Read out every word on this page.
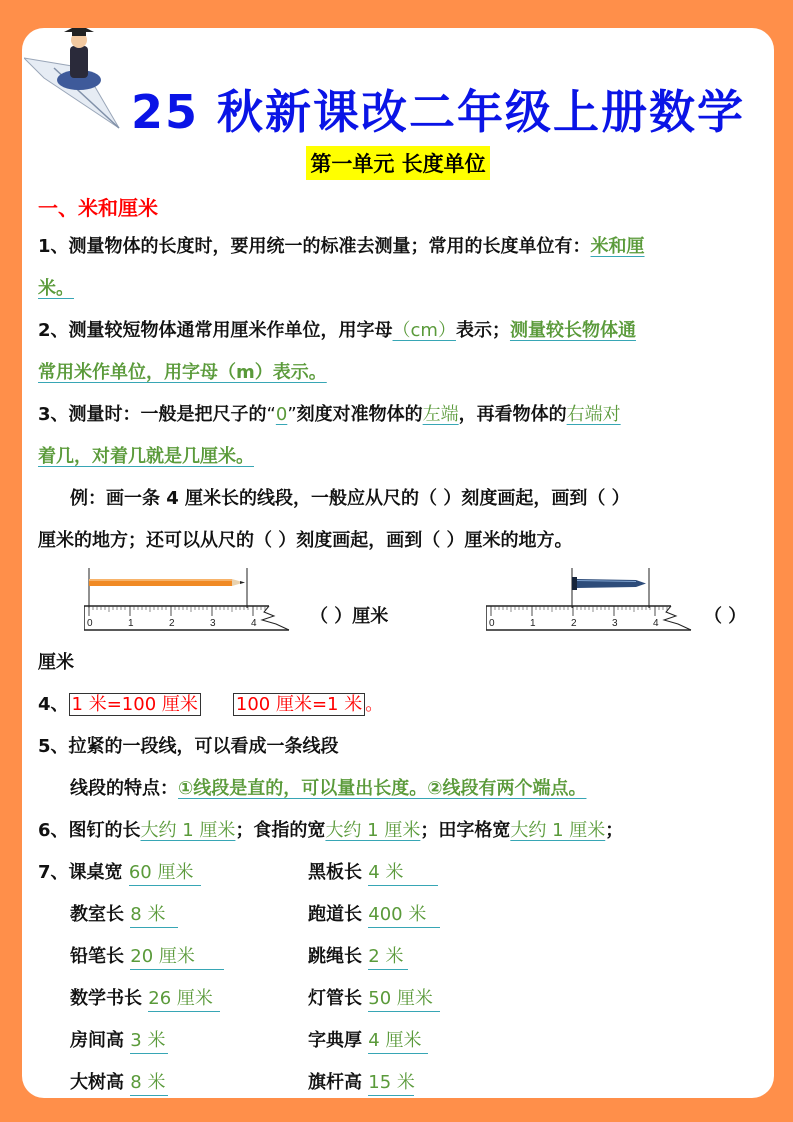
25 秋新课改二年级上册数学
第一单元 长度单位
一、米和厘米
1、测量物体的长度时，要用统一的标准去测量；常用的长度单位有：米和厘
米。
2、测量较短物体通常用厘米作单位，用字母（cm）表示；测量较长物体通
常用米作单位，用字母（m）表示。
3、测量时：一般是把尺子的“0”刻度对准物体的左端，再看物体的右端对
着几，对着几就是几厘米。
例：画一条 4 厘米长的线段，一般应从尺的（ ）刻度画起，画到（ ）
厘米的地方；还可以从尺的（ ）刻度画起，画到（ ）厘米的地方。
0	1	2	3	4	（ ）厘米	0	1	2	3	4	（ ）
厘米
4、 1 米=100 厘米 100 厘米=1 米 。
5、拉紧的一段线，可以看成一条线段
线段的特点：①线段是直的，可以量出长度。②线段有两个端点。
6、图钉的长大约 1 厘米；食指的宽大约 1 厘米；田字格宽大约 1 厘米；
7、课桌宽 60 厘米	黑板长 4 米
教室长 8 米	跑道长 400 米
铅笔长 20 厘米	跳绳长 2 米
数学书长 26 厘米	灯管长 50 厘米
房间高 3 米	字典厚 4 厘米
大树高 8 米	旗杆高 15 米
